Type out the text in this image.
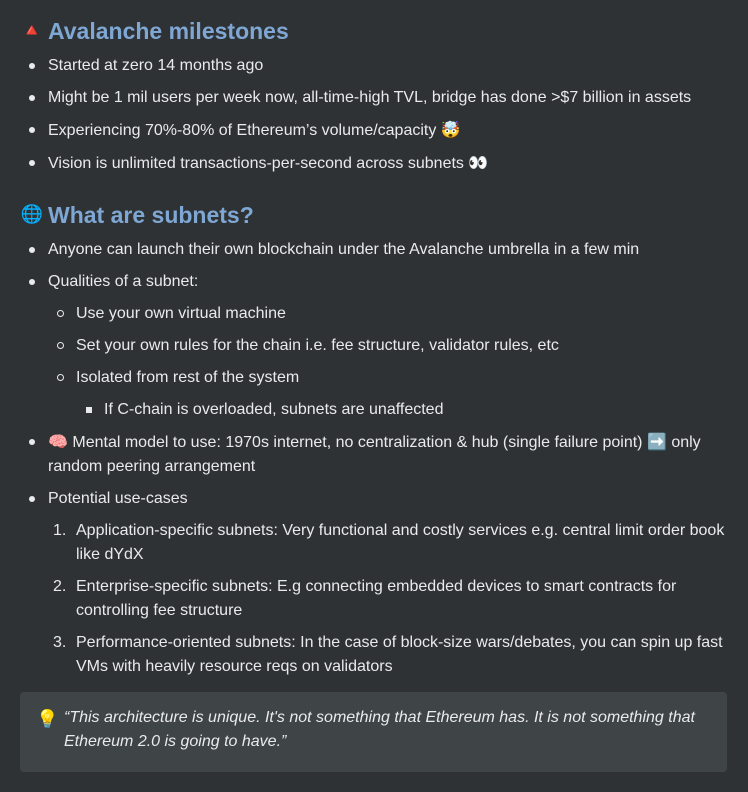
🔺 Avalanche milestones
Started at zero 14 months ago
Might be 1 mil users per week now, all-time-high TVL, bridge has done >$7 billion in assets
Experiencing 70%-80% of Ethereum’s volume/capacity 🤯
Vision is unlimited transactions-per-second across subnets 👀
🌐 What are subnets?
Anyone can launch their own blockchain under the Avalanche umbrella in a few min
Qualities of a subnet:
Use your own virtual machine
Set your own rules for the chain i.e. fee structure, validator rules, etc
Isolated from rest of the system
If C-chain is overloaded, subnets are unaffected
🧠 Mental model to use: 1970s internet, no centralization & hub (single failure point) ➡️ only random peering arrangement
Potential use-cases
1. Application-specific subnets: Very functional and costly services e.g. central limit order book like dYdX
2. Enterprise-specific subnets: E.g connecting embedded devices to smart contracts for controlling fee structure
3. Performance-oriented subnets: In the case of block-size wars/debates, you can spin up fast VMs with heavily resource reqs on validators
💡 “This architecture is unique. It's not something that Ethereum has. It is not something that Ethereum 2.0 is going to have.”
